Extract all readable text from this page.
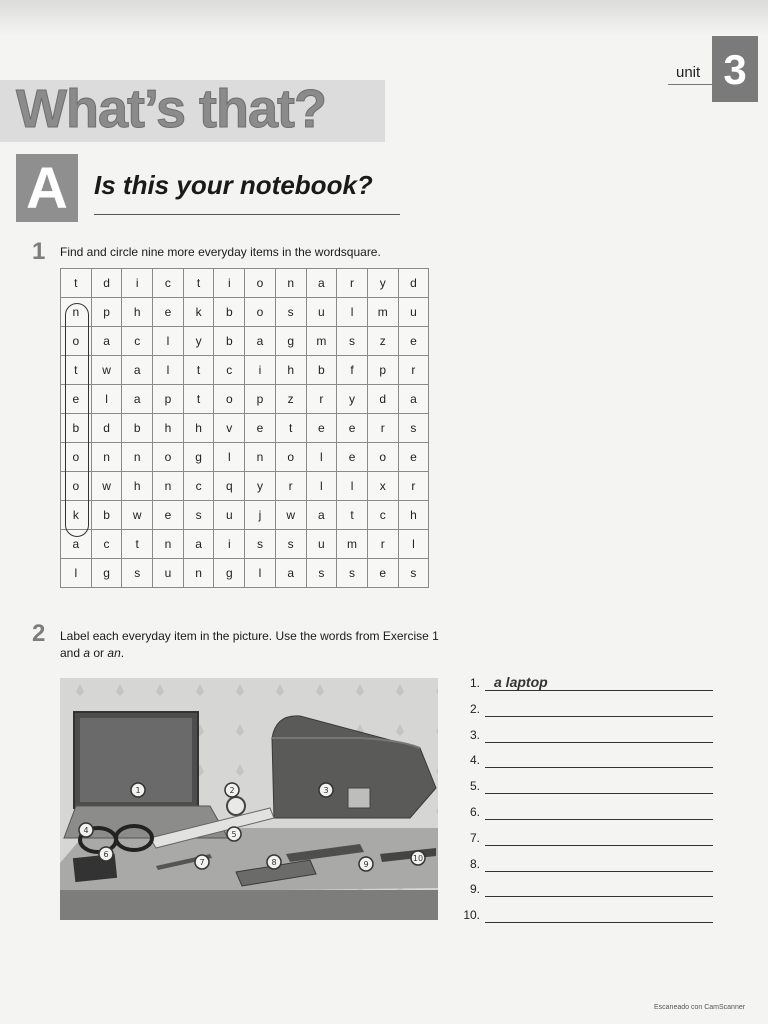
What’s that?
unit 3
A	Is this your notebook?
1 Find and circle nine more everyday items in the wordsquare.
t	d	i	c	t	i	o	n	a	r	y	d
n	p	h	e	k	b	o	s	u	l	m	u
o	a	c	l	y	b	a	g	m	s	z	e
t	w	a	l	t	c	i	h	b	f	p	r
e	l	a	p	t	o	p	z	r	y	d	a
b	d	b	h	h	v	e	t	e	e	r	s
o	n	n	o	g	l	n	o	l	e	o	e
o	w	h	n	c	q	y	r	l	l	x	r
k	b	w	e	s	u	j	w	a	t	c	h
a	c	t	n	a	i	s	s	u	m	r	l
l	g	s	u	n	g	l	a	s	s	e	s
2 Label each everyday item in the picture. Use the words from Exercise 1
and a or an.
1	2	3
4	5
6
7	8	9
10
1. a laptop
2.
3.
4.
5.
6.
7.
8.
9.
10.
Escaneado con CamScanner
